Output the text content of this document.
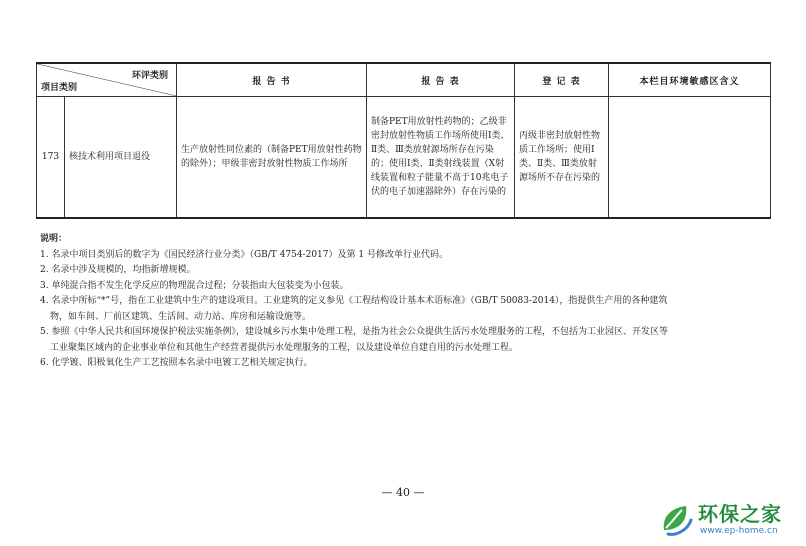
环评类别
项目类别		报 告 书	报 告 表	登 记 表	本栏目环境敏感区含义
173	核技术利用项目退役	生产放射性同位素的（制备PET用放射性药物的除外）；甲级非密封放射性物质工作场所	制备PET用放射性药物的；乙级非密封放射性物质工作场所使用Ⅰ类、Ⅱ类、Ⅲ类放射源场所存在污染的；使用Ⅰ类、Ⅱ类射线装置（X射线装置和粒子能量不高于10兆电子伏的电子加速器除外）存在污染的	丙级非密封放射性物质工作场所；使用Ⅰ类、Ⅱ类、Ⅲ类放射源场所不存在污染的	
说明：

1. 名录中项目类别后的数字为《国民经济行业分类》（GB/T 4754-2017）及第 1 号修改单行业代码。

2. 名录中涉及规模的，均指新增规模。

3. 单纯混合指不发生化学反应的物理混合过程；分装指由大包装变为小包装。

4. 名录中所标“*”号，指在工业建筑中生产的建设项目。工业建筑的定义参见《工程结构设计基本术语标准》（GB/T 50083-2014），指提供生产用的各种建筑

物，如车间、厂前区建筑、生活间、动力站、库房和运输设施等。

5. 参照《中华人民共和国环境保护税法实施条例》，建设城乡污水集中处理工程，是指为社会公众提供生活污水处理服务的工程，不包括为工业园区、开发区等

工业聚集区域内的企业事业单位和其他生产经营者提供污水处理服务的工程，以及建设单位自建自用的污水处理工程。

6. 化学镀、阳极氧化生产工艺按照本名录中电镀工艺相关规定执行。

— 40 —
环保之家
www.ep-home.cn
